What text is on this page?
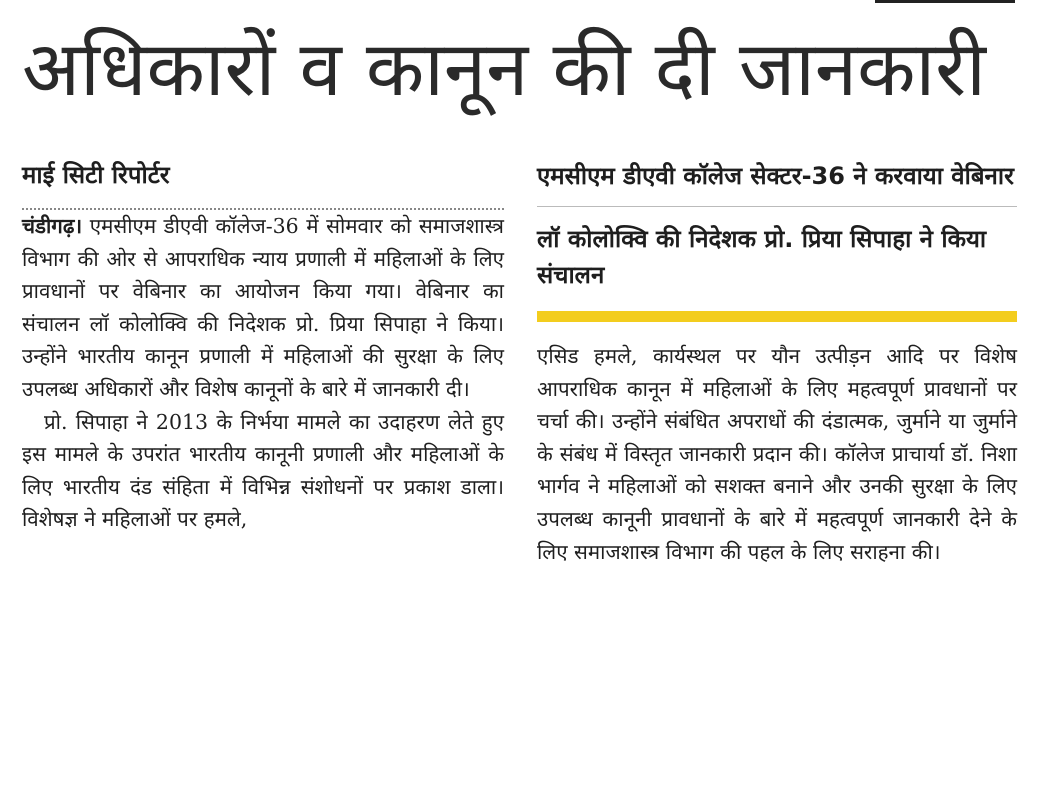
अधिकारों व कानून की दी जानकारी
माई सिटी रिपोर्टर

चंडीगढ़। एमसीएम डीएवी कॉलेज-36 में सोमवार को समाजशास्त्र विभाग की ओर से आपराधिक न्याय प्रणाली में महिलाओं के लिए प्रावधानों पर वेबिनार का आयोजन किया गया। वेबिनार का संचालन लॉ कोलोक्वि की निदेशक प्रो. प्रिया सिपाहा ने किया। उन्होंने भारतीय कानून प्रणाली में महिलाओं की सुरक्षा के लिए उपलब्ध अधिकारों और विशेष कानूनों के बारे में जानकारी दी।

प्रो. सिपाहा ने 2013 के निर्भया मामले का उदाहरण लेते हुए इस मामले के उपरांत भारतीय कानूनी प्रणाली और महिलाओं के लिए भारतीय दंड संहिता में विभिन्न संशोधनों पर प्रकाश डाला। विशेषज्ञ ने महिलाओं पर हमले,

एमसीएम डीएवी कॉलेज सेक्टर-36 ने करवाया वेबिनार
लॉ कोलोक्वि की निदेशक प्रो. प्रिया सिपाहा ने किया संचालन

एसिड हमले, कार्यस्थल पर यौन उत्पीड़न आदि पर विशेष आपराधिक कानून में महिलाओं के लिए महत्वपूर्ण प्रावधानों पर चर्चा की। उन्होंने संबंधित अपराधों की दंडात्मक, जुर्माने या जुर्माने के संबंध में विस्तृत जानकारी प्रदान की। कॉलेज प्राचार्या डॉ. निशा भार्गव ने महिलाओं को सशक्त बनाने और उनकी सुरक्षा के लिए उपलब्ध कानूनी प्रावधानों के बारे में महत्वपूर्ण जानकारी देने के लिए समाजशास्त्र विभाग की पहल के लिए सराहना की।
